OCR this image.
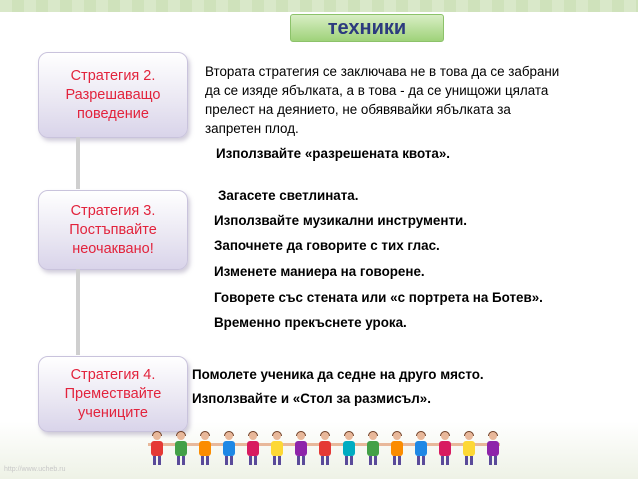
техники
Стратегия 2.
Разрешаващо
поведение
Стратегия 3.
Постъпвайте
неочаквано!
Стратегия 4.
Премествайте
учениците
Втората стратегия се заключава не в това да се забрани
да се изяде ябълката, а в това - да се унищожи цялата
прелест на деянието, не обявявайки ябълката за
запретен плод.
Използвайте «разрешената квота».
Загасете светлината.
Използвайте музикални инструменти.
Започнете да говорите с тих глас.
Изменете маниера на говорене.
Говорете със стената или «с портрета на Ботев».
Временно прекъснете урока.
Помолете ученика да седне на друго място.
Използвайте и «Стол за размисъл».
http://www.ucheb.ru
